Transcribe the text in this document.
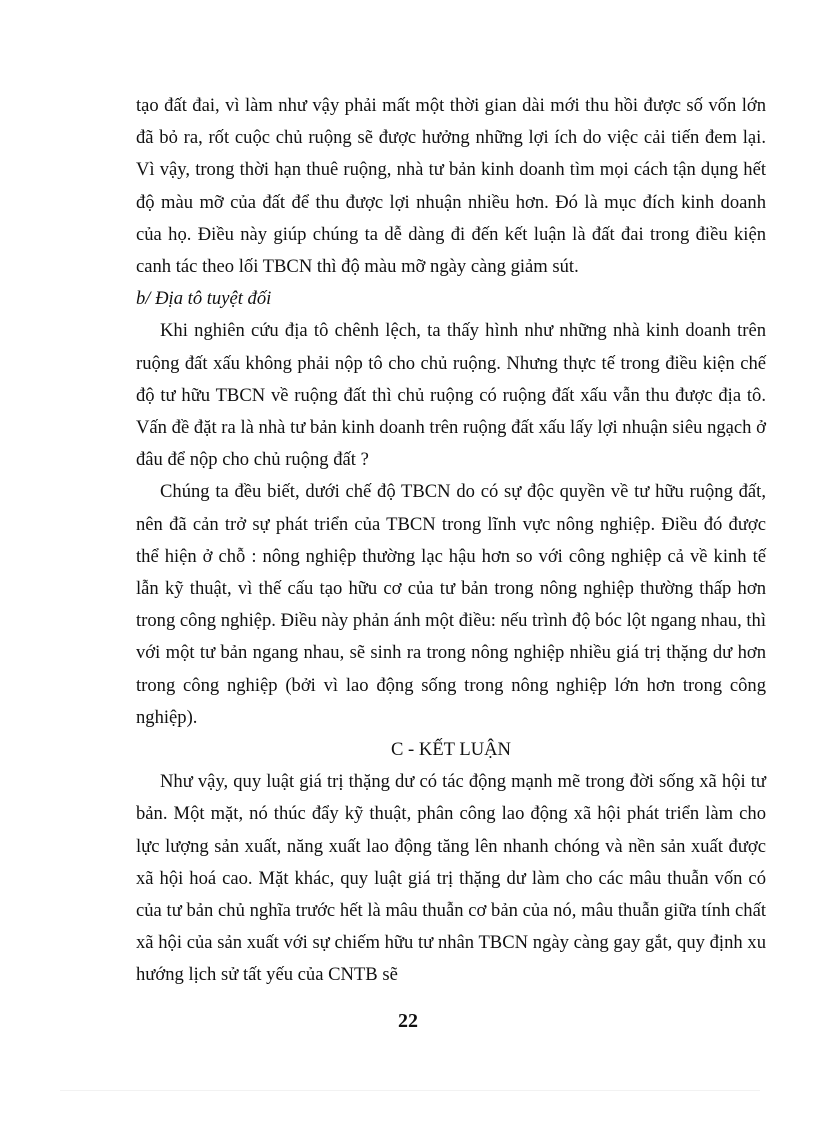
tạo đất đai, vì làm như vậy phải mất một thời gian dài mới thu hồi được số vốn lớn đã bỏ ra, rốt cuộc chủ ruộng sẽ được hưởng những lợi ích do việc cải tiến đem lại. Vì vậy, trong thời hạn thuê ruộng, nhà tư bản kinh doanh tìm mọi cách tận dụng hết độ màu mỡ của đất để thu được lợi nhuận nhiều hơn. Đó là mục đích kinh doanh của họ. Điều này giúp chúng ta dễ dàng đi đến kết luận là đất đai trong điều kiện canh tác theo lối TBCN thì độ màu mỡ ngày càng giảm sút.

b/ Địa tô tuyệt đối

Khi nghiên cứu địa tô chênh lệch, ta thấy hình như những nhà kinh doanh trên ruộng đất xấu không phải nộp tô cho chủ ruộng. Nhưng thực tế trong điều kiện chế độ tư hữu TBCN về ruộng đất thì chủ ruộng có ruộng đất xấu vẫn thu được địa tô. Vấn đề đặt ra là nhà tư bản kinh doanh trên ruộng đất xấu lấy lợi nhuận siêu ngạch ở đâu để nộp cho chủ ruộng đất ?

Chúng ta đều biết, dưới chế độ TBCN do có sự độc quyền về tư hữu ruộng đất, nên đã cản trở sự phát triển của TBCN trong lĩnh vực nông nghiệp. Điều đó được thể hiện ở chỗ : nông nghiệp thường lạc hậu hơn so với công nghiệp cả về kinh tế lẫn kỹ thuật, vì thế cấu tạo hữu cơ của tư bản trong nông nghiệp thường thấp hơn trong công nghiệp. Điều này phản ánh một điều: nếu trình độ bóc lột ngang nhau, thì với một tư bản ngang nhau, sẽ sinh ra trong nông nghiệp nhiều giá trị thặng dư hơn trong công nghiệp (bởi vì lao động sống trong nông nghiệp lớn hơn trong công nghiệp).

C - KẾT LUẬN

Như vậy, quy luật giá trị thặng dư có tác động mạnh mẽ trong đời sống xã hội tư bản. Một mặt, nó thúc đẩy kỹ thuật, phân công lao động xã hội phát triển làm cho lực lượng sản xuất, năng xuất lao động tăng lên nhanh chóng và nền sản xuất được xã hội hoá cao. Mặt khác, quy luật giá trị thặng dư làm cho các mâu thuẫn vốn có của tư bản chủ nghĩa trước hết là mâu thuẫn cơ bản của nó, mâu thuẫn giữa tính chất xã hội của sản xuất với sự chiếm hữu tư nhân TBCN ngày càng gay gắt, quy định xu hướng lịch sử tất yếu của CNTB sẽ

22
